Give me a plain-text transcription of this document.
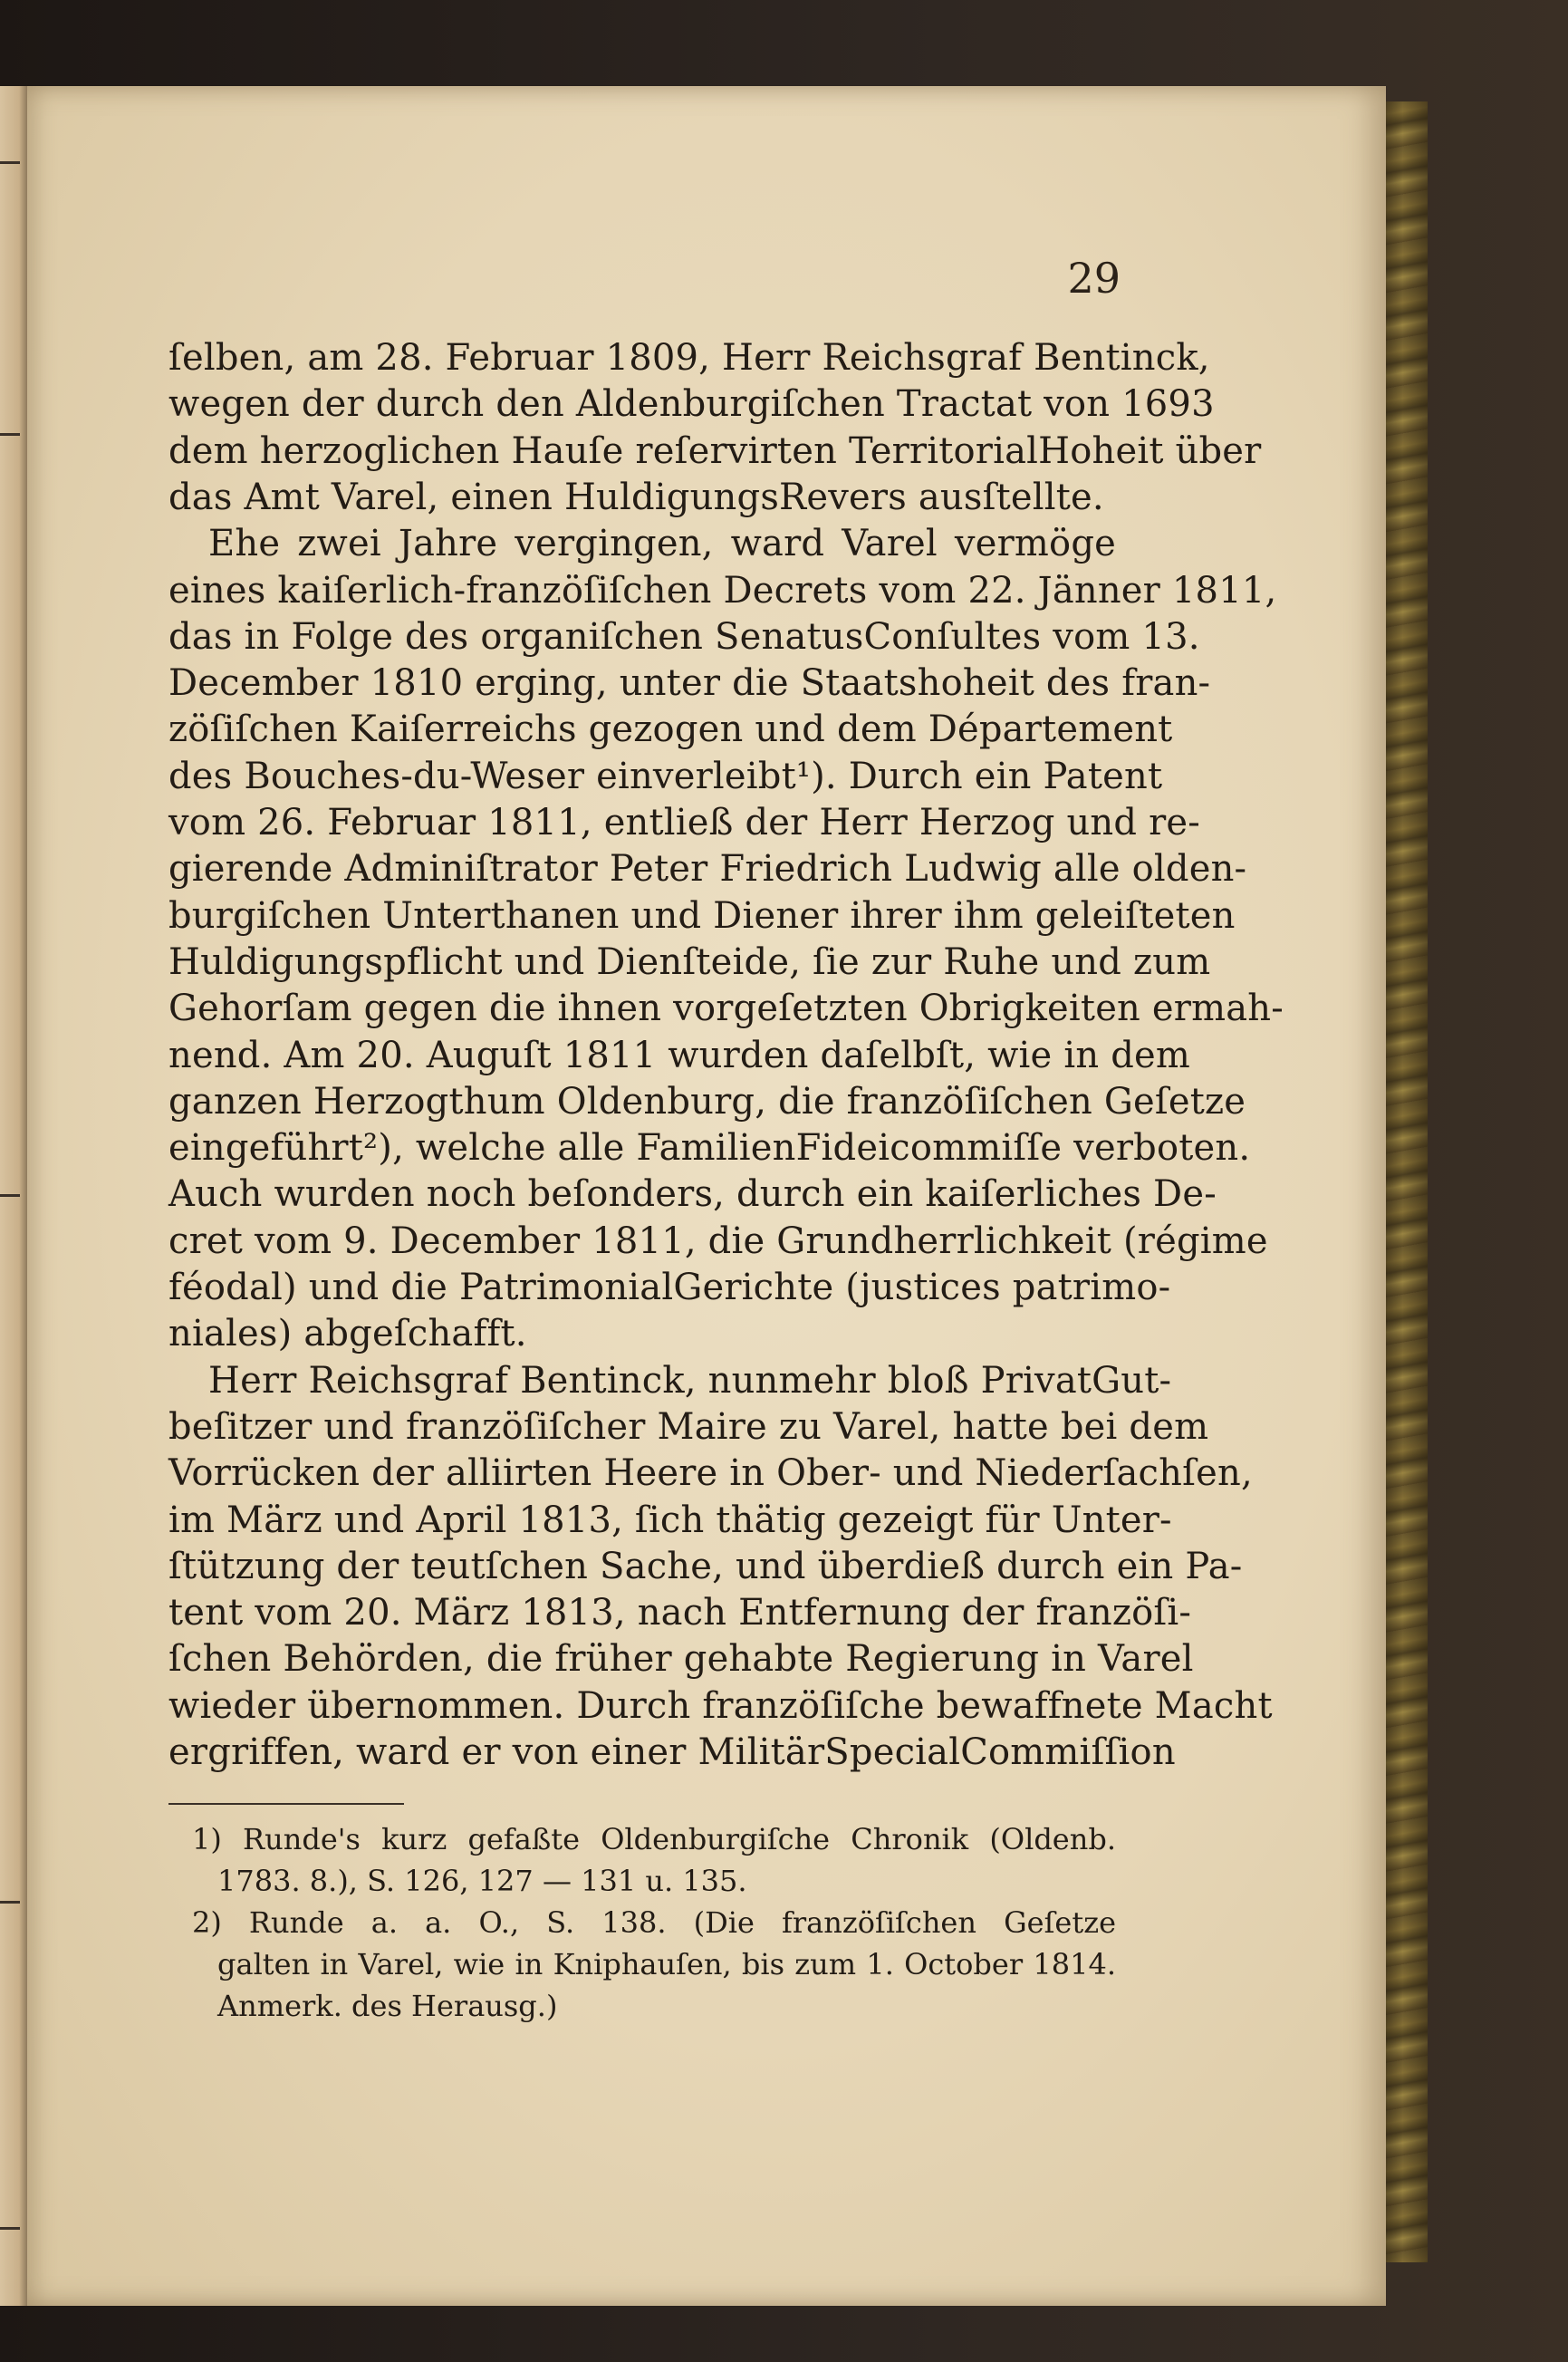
29
ſelben, am 28. Februar 1809, Herr Reichsgraf Bentinck,
wegen der durch den Aldenburgiſchen Tractat von 1693
dem herzoglichen Hauſe reſervirten TerritorialHoheit über
das Amt Varel, einen HuldigungsRevers ausſtellte.
Ehe zwei Jahre vergingen, ward Varel vermöge
eines kaiſerlich-franzöſiſchen Decrets vom 22. Jänner 1811,
das in Folge des organiſchen SenatusConſultes vom 13.
December 1810 erging, unter die Staatshoheit des fran-
zöſiſchen Kaiſerreichs gezogen und dem Département
des Bouches-du-Weser einverleibt¹). Durch ein Patent
vom 26. Februar 1811, entließ der Herr Herzog und re-
gierende Adminiſtrator Peter Friedrich Ludwig alle olden-
burgiſchen Unterthanen und Diener ihrer ihm geleiſteten
Huldigungspflicht und Dienſteide, ſie zur Ruhe und zum
Gehorſam gegen die ihnen vorgeſetzten Obrigkeiten ermah-
nend. Am 20. Auguſt 1811 wurden daſelbſt, wie in dem
ganzen Herzogthum Oldenburg, die franzöſiſchen Geſetze
eingeführt²), welche alle FamilienFideicommiſſe verboten.
Auch wurden noch beſonders, durch ein kaiſerliches De-
cret vom 9. December 1811, die Grundherrlichkeit (régime
féodal) und die PatrimonialGerichte (justices patrimo-
niales) abgeſchafft.
Herr Reichsgraf Bentinck, nunmehr bloß PrivatGut-
beſitzer und franzöſiſcher Maire zu Varel, hatte bei dem
Vorrücken der alliirten Heere in Ober- und Niederſachſen,
im März und April 1813, ſich thätig gezeigt für Unter-
ſtützung der teutſchen Sache, und überdieß durch ein Pa-
tent vom 20. März 1813, nach Entfernung der franzöſi-
ſchen Behörden, die früher gehabte Regierung in Varel
wieder übernommen. Durch franzöſiſche bewaffnete Macht
ergriffen, ward er von einer MilitärSpecialCommiſſion
1) Runde's kurz gefaßte Oldenburgiſche Chronik (Oldenb.
1783. 8.), S. 126, 127 — 131 u. 135.
2) Runde a. a. O., S. 138. (Die franzöſiſchen Geſetze
galten in Varel, wie in Kniphauſen, bis zum 1. October 1814.
Anmerk. des Herausg.)
